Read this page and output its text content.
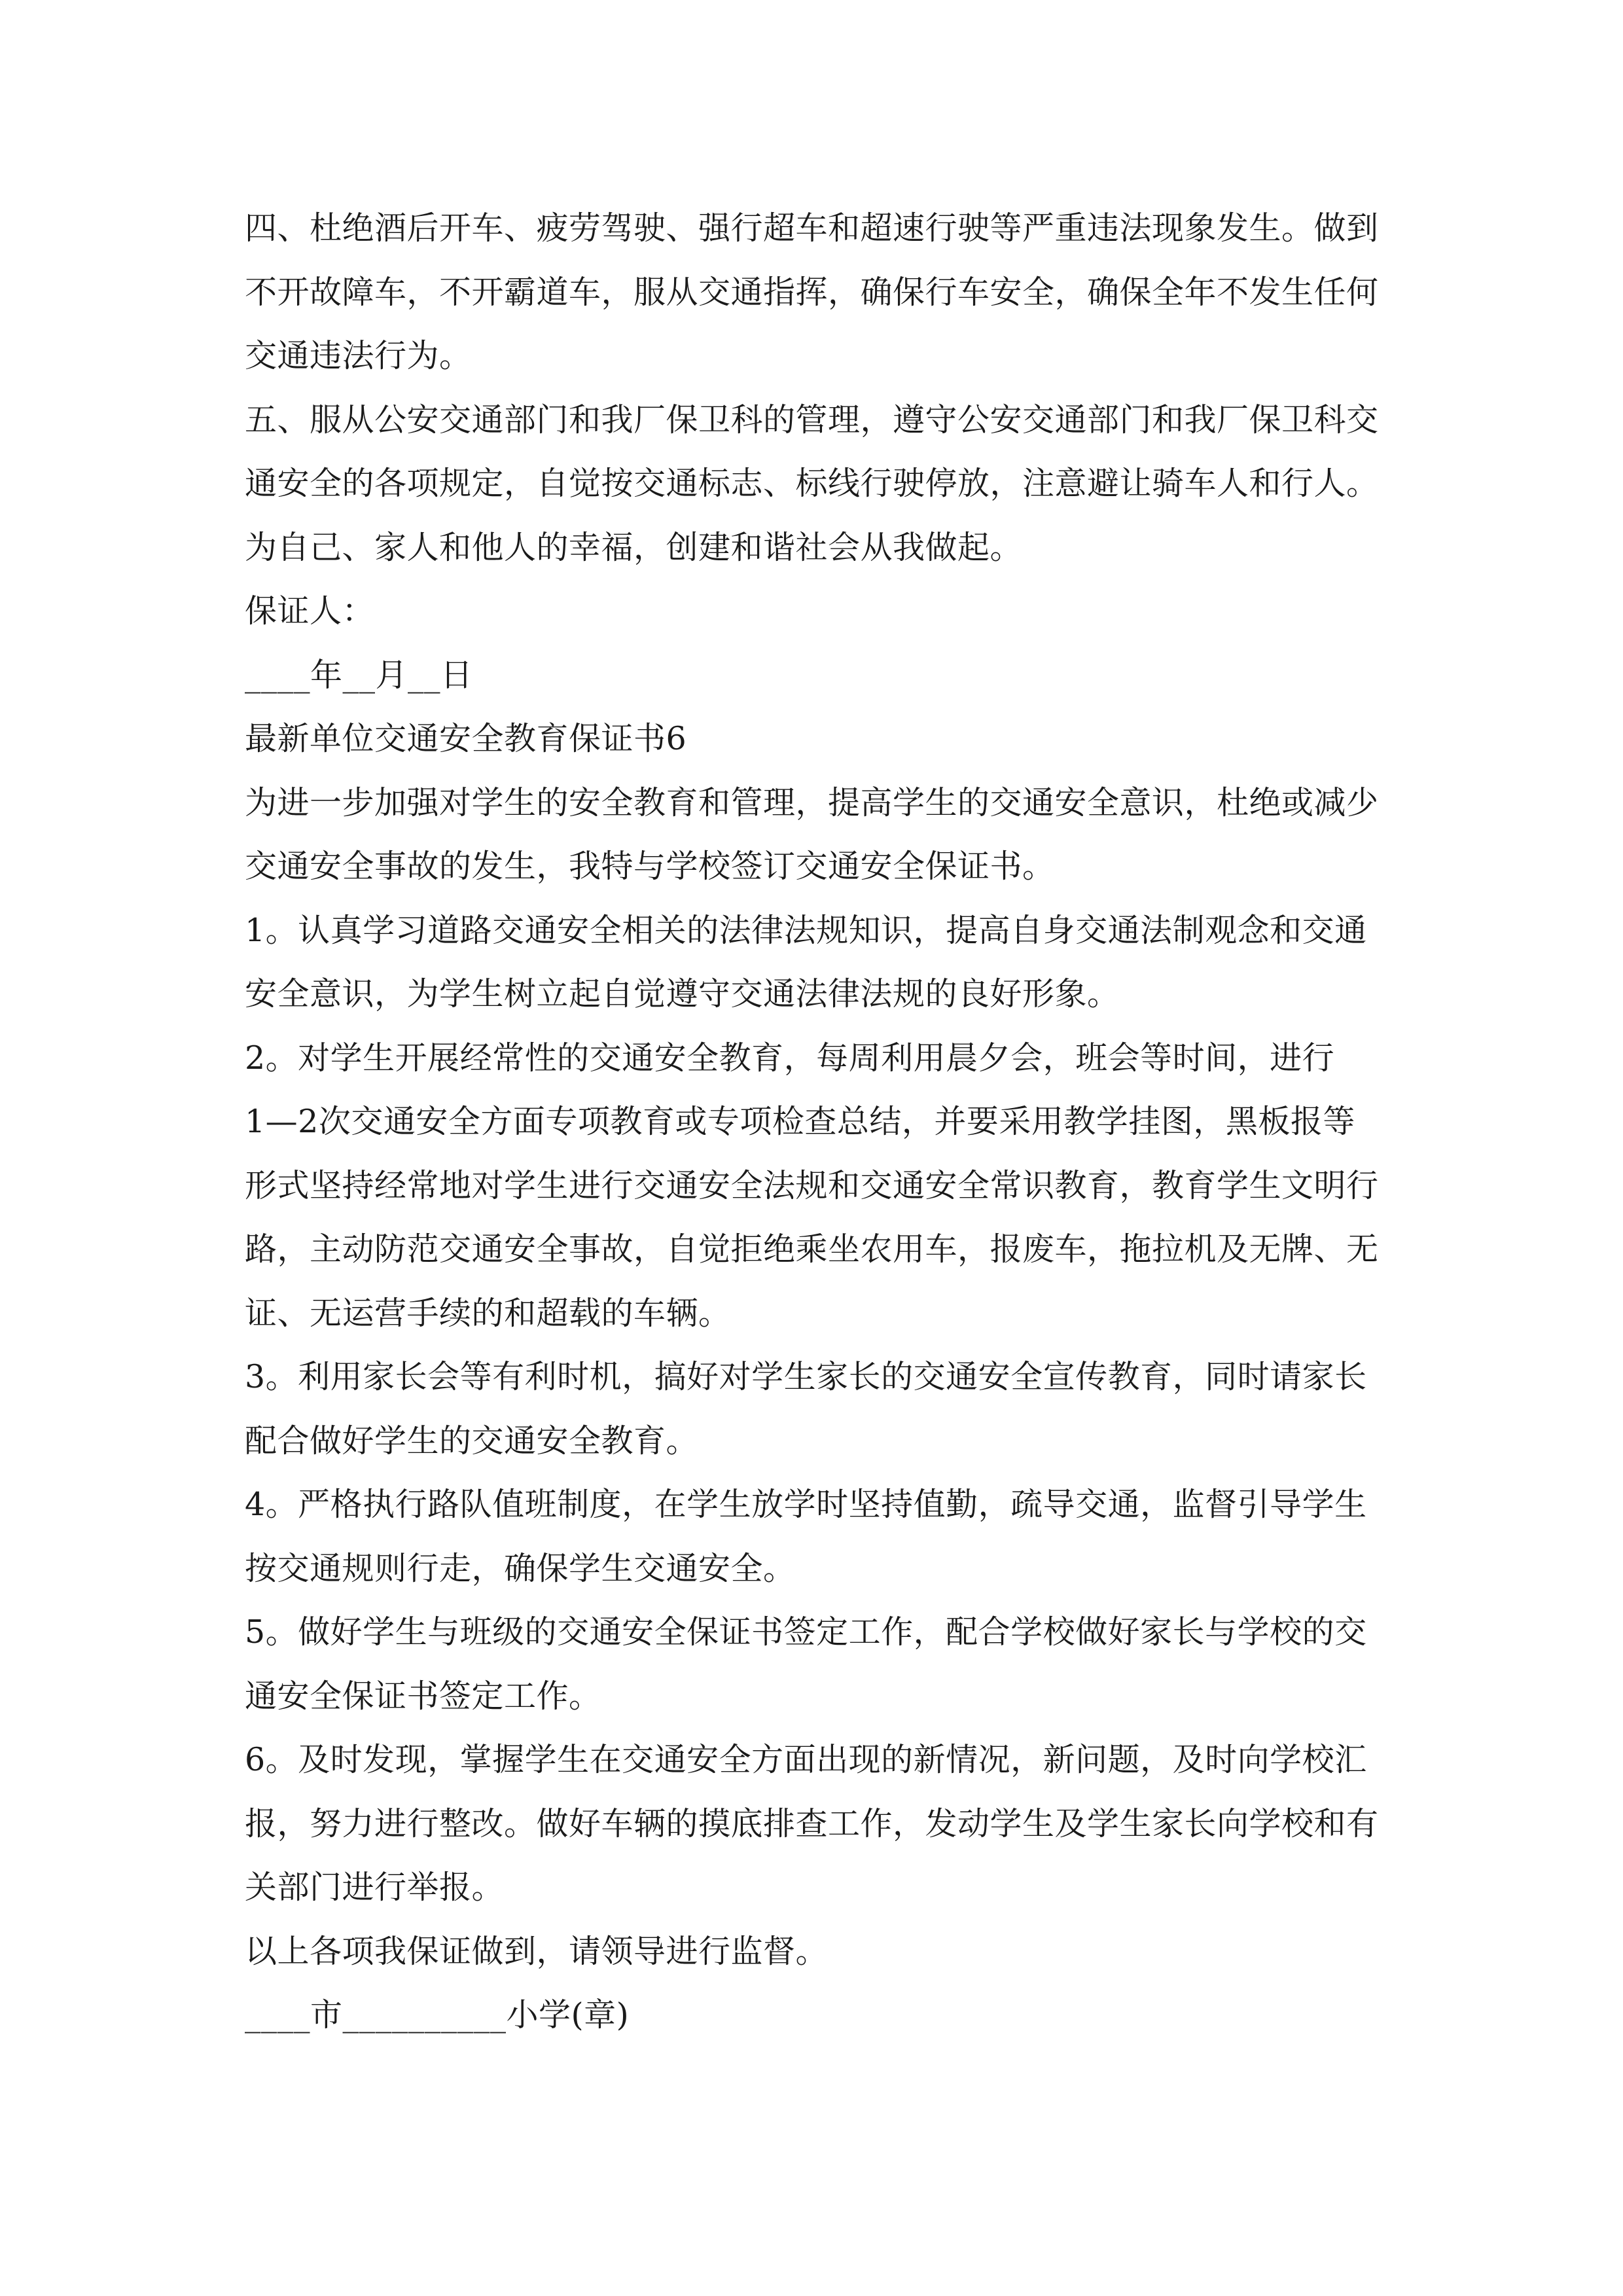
四、杜绝酒后开车、疲劳驾驶、强行超车和超速行驶等严重违法现象发生。做到

不开故障车，不开霸道车，服从交通指挥，确保行车安全，确保全年不发生任何

交通违法行为。

五、服从公安交通部门和我厂保卫科的管理，遵守公安交通部门和我厂保卫科交

通安全的各项规定，自觉按交通标志、标线行驶停放，注意避让骑车人和行人。

为自己、家人和他人的幸福，创建和谐社会从我做起。

保证人：

____年__月__日

最新单位交通安全教育保证书6

为进一步加强对学生的安全教育和管理，提高学生的交通安全意识，杜绝或减少

交通安全事故的发生，我特与学校签订交通安全保证书。

1。认真学习道路交通安全相关的法律法规知识，提高自身交通法制观念和交通

安全意识，为学生树立起自觉遵守交通法律法规的良好形象。

2。对学生开展经常性的交通安全教育，每周利用晨夕会，班会等时间，进行

1—2次交通安全方面专项教育或专项检查总结，并要采用教学挂图，黑板报等

形式坚持经常地对学生进行交通安全法规和交通安全常识教育，教育学生文明行

路，主动防范交通安全事故，自觉拒绝乘坐农用车，报废车，拖拉机及无牌、无

证、无运营手续的和超载的车辆。

3。利用家长会等有利时机，搞好对学生家长的交通安全宣传教育，同时请家长

配合做好学生的交通安全教育。

4。严格执行路队值班制度，在学生放学时坚持值勤，疏导交通，监督引导学生

按交通规则行走，确保学生交通安全。

5。做好学生与班级的交通安全保证书签定工作，配合学校做好家长与学校的交

通安全保证书签定工作。

6。及时发现，掌握学生在交通安全方面出现的新情况，新问题，及时向学校汇

报，努力进行整改。做好车辆的摸底排查工作，发动学生及学生家长向学校和有

关部门进行举报。

以上各项我保证做到，请领导进行监督。

____市__________小学(章)
